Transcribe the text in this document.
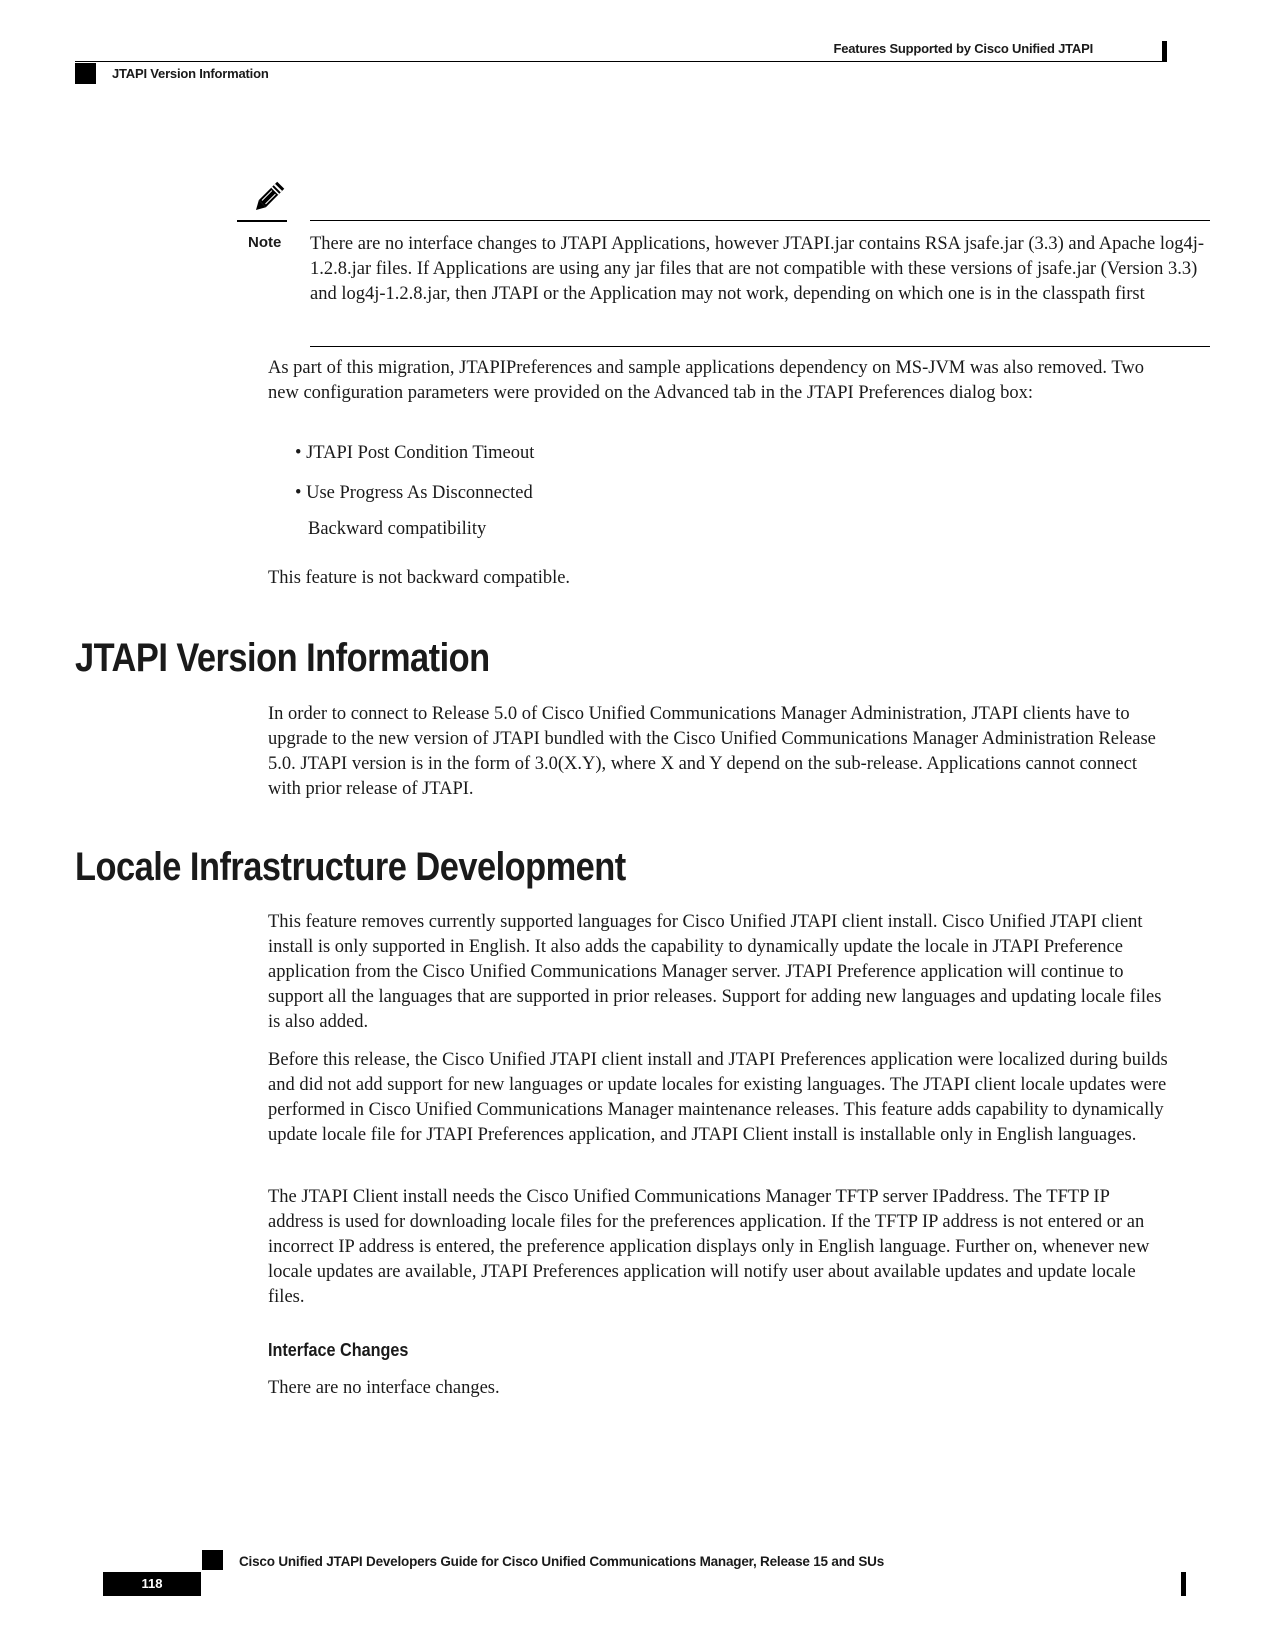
Features Supported by Cisco Unified JTAPI
JTAPI Version Information
Note There are no interface changes to JTAPI Applications, however JTAPI.jar contains RSA jsafe.jar (3.3) and Apache log4j-1.2.8.jar files. If Applications are using any jar files that are not compatible with these versions of jsafe.jar (Version 3.3) and log4j-1.2.8.jar, then JTAPI or the Application may not work, depending on which one is in the classpath first
As part of this migration, JTAPIPreferences and sample applications dependency on MS-JVM was also removed. Two new configuration parameters were provided on the Advanced tab in the JTAPI Preferences dialog box:
• JTAPI Post Condition Timeout
• Use Progress As Disconnected
Backward compatibility
This feature is not backward compatible.
JTAPI Version Information
In order to connect to Release 5.0 of Cisco Unified Communications Manager Administration, JTAPI clients have to upgrade to the new version of JTAPI bundled with the Cisco Unified Communications Manager Administration Release 5.0. JTAPI version is in the form of 3.0(X.Y), where X and Y depend on the sub-release. Applications cannot connect with prior release of JTAPI.
Locale Infrastructure Development
This feature removes currently supported languages for Cisco Unified JTAPI client install. Cisco Unified JTAPI client install is only supported in English. It also adds the capability to dynamically update the locale in JTAPI Preference application from the Cisco Unified Communications Manager server. JTAPI Preference application will continue to support all the languages that are supported in prior releases. Support for adding new languages and updating locale files is also added.
Before this release, the Cisco Unified JTAPI client install and JTAPI Preferences application were localized during builds and did not add support for new languages or update locales for existing languages. The JTAPI client locale updates were performed in Cisco Unified Communications Manager maintenance releases. This feature adds capability to dynamically update locale file for JTAPI Preferences application, and JTAPI Client install is installable only in English languages.
The JTAPI Client install needs the Cisco Unified Communications Manager TFTP server IPaddress. The TFTP IP address is used for downloading locale files for the preferences application. If the TFTP IP address is not entered or an incorrect IP address is entered, the preference application displays only in English language. Further on, whenever new locale updates are available, JTAPI Preferences application will notify user about available updates and update locale files.
Interface Changes
There are no interface changes.
Cisco Unified JTAPI Developers Guide for Cisco Unified Communications Manager, Release 15 and SUs
118
